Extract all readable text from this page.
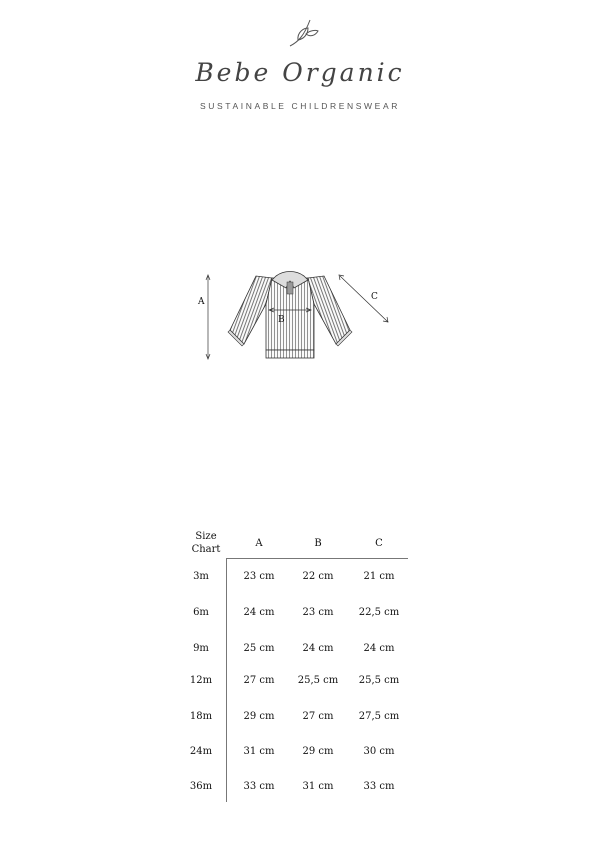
Bebe Organic
SUSTAINABLE CHILDRENSWEAR
A
B
C
Size
Chart
A	B	C
3m	23 cm	22 cm	21 cm
6m	24 cm	23 cm	22,5 cm
9m	25 cm	24 cm	24 cm
12m	27 cm	25,5 cm	25,5 cm
18m	29 cm	27 cm	27,5 cm
24m	31 cm	29 cm	30 cm
36m	33 cm	31 cm	33 cm
